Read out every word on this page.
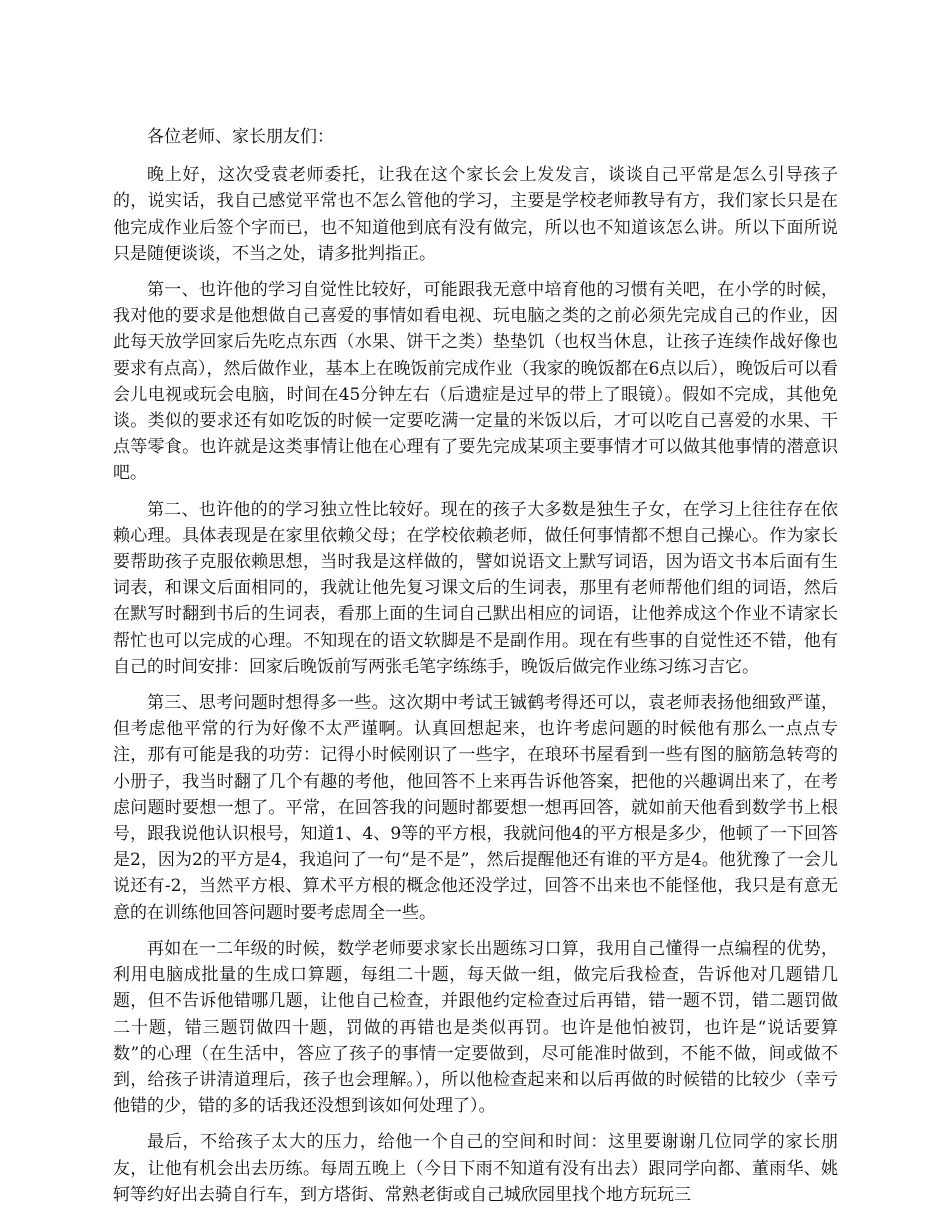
各位老师、家长朋友们：

晚上好，这次受袁老师委托，让我在这个家长会上发发言，谈谈自己平常是怎么引导孩子的，说实话，我自己感觉平常也不怎么管他的学习，主要是学校老师教导有方，我们家长只是在他完成作业后签个字而已，也不知道他到底有没有做完，所以也不知道该怎么讲。所以下面所说只是随便谈谈，不当之处，请多批判指正。

第一、也许他的学习自觉性比较好，可能跟我无意中培育他的习惯有关吧，在小学的时候，我对他的要求是他想做自己喜爱的事情如看电视、玩电脑之类的之前必须先完成自己的作业，因此每天放学回家后先吃点东西（水果、饼干之类）垫垫饥（也权当休息，让孩子连续作战好像也要求有点高），然后做作业，基本上在晚饭前完成作业（我家的晚饭都在6点以后），晚饭后可以看会儿电视或玩会电脑，时间在45分钟左右（后遗症是过早的带上了眼镜）。假如不完成，其他免谈。类似的要求还有如吃饭的时候一定要吃满一定量的米饭以后，才可以吃自己喜爱的水果、干点等零食。也许就是这类事情让他在心理有了要先完成某项主要事情才可以做其他事情的潜意识吧。

第二、也许他的的学习独立性比较好。现在的孩子大多数是独生子女，在学习上往往存在依赖心理。具体表现是在家里依赖父母；在学校依赖老师，做任何事情都不想自己操心。作为家长要帮助孩子克服依赖思想，当时我是这样做的，譬如说语文上默写词语，因为语文书本后面有生词表，和课文后面相同的，我就让他先复习课文后的生词表，那里有老师帮他们组的词语，然后在默写时翻到书后的生词表，看那上面的生词自己默出相应的词语，让他养成这个作业不请家长帮忙也可以完成的心理。不知现在的语文软脚是不是副作用。现在有些事的自觉性还不错，他有自己的时间安排：回家后晚饭前写两张毛笔字练练手，晚饭后做完作业练习练习吉它。

第三、思考问题时想得多一些。这次期中考试王铖鹤考得还可以，袁老师表扬他细致严谨，但考虑他平常的行为好像不太严谨啊。认真回想起来，也许考虑问题的时候他有那么一点点专注，那有可能是我的功劳：记得小时候刚识了一些字，在琅环书屋看到一些有图的脑筋急转弯的小册子，我当时翻了几个有趣的考他，他回答不上来再告诉他答案，把他的兴趣调出来了，在考虑问题时要想一想了。平常，在回答我的问题时都要想一想再回答，就如前天他看到数学书上根号，跟我说他认识根号，知道1、4、9等的平方根，我就问他4的平方根是多少，他顿了一下回答是2，因为2的平方是4，我追问了一句“是不是”，然后提醒他还有谁的平方是4。他犹豫了一会儿说还有-2，当然平方根、算术平方根的概念他还没学过，回答不出来也不能怪他，我只是有意无意的在训练他回答问题时要考虑周全一些。

再如在一二年级的时候，数学老师要求家长出题练习口算，我用自己懂得一点编程的优势，利用电脑成批量的生成口算题，每组二十题，每天做一组，做完后我检查，告诉他对几题错几题，但不告诉他错哪几题，让他自己检查，并跟他约定检查过后再错，错一题不罚，错二题罚做二十题，错三题罚做四十题，罚做的再错也是类似再罚。也许是他怕被罚，也许是“说话要算数”的心理（在生活中，答应了孩子的事情一定要做到，尽可能准时做到，不能不做，间或做不到，给孩子讲清道理后，孩子也会理解。），所以他检查起来和以后再做的时候错的比较少（幸亏他错的少，错的多的话我还没想到该如何处理了）。

最后，不给孩子太大的压力，给他一个自己的空间和时间：这里要谢谢几位同学的家长朋友，让他有机会出去历练。每周五晚上（今日下雨不知道有没有出去）跟同学向都、董雨华、姚轲等约好出去骑自行车，到方塔街、常熟老街或自己城欣园里找个地方玩玩三
